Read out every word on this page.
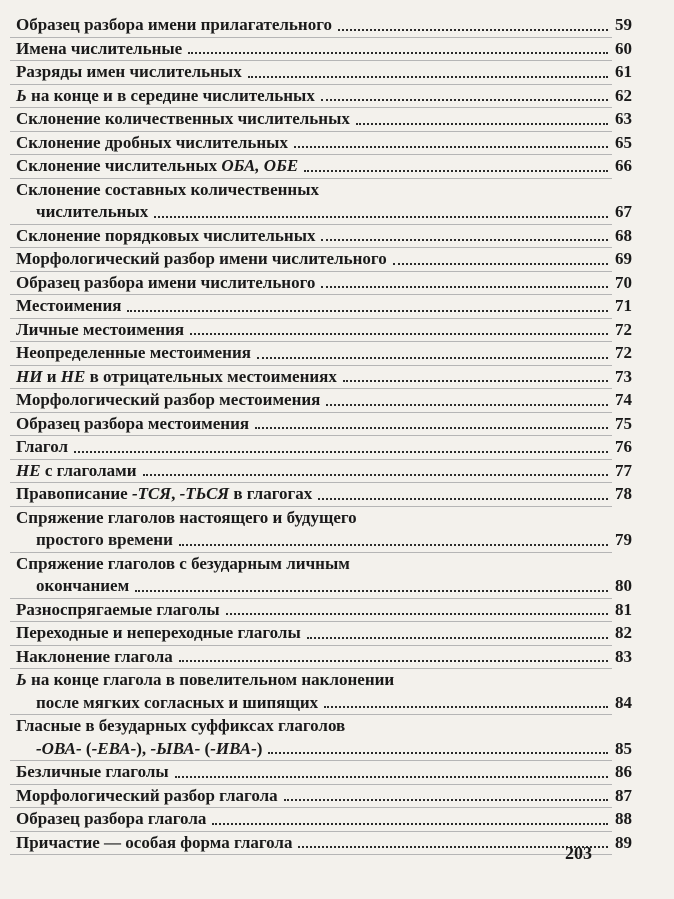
Образец разбора имени прилагательного	59
Имена числительные	60
Разряды имен числительных	61
Ь на конце и в середине числительных	62
Склонение количественных числительных	63
Склонение дробных числительных	65
Склонение числительных ОБА, ОБЕ	66
Склонение составных количественных
числительных	67
Склонение порядковых числительных	68
Морфологический разбор имени числительного	69
Образец разбора имени числительного	70
Местоимения	71
Личные местоимения	72
Неопределенные местоимения	72
НИ и НЕ в отрицательных местоимениях	73
Морфологический разбор местоимения	74
Образец разбора местоимения	75
Глагол	76
НЕ с глаголами	77
Правописание -ТСЯ, -ТЬСЯ в глагогах	78
Спряжение глаголов настоящего и будущего
простого времени	79
Спряжение глаголов с безударным личным
окончанием	80
Разноспрягаемые глаголы	81
Переходные и непереходные глаголы	82
Наклонение глагола	83
Ь на конце глагола в повелительном наклонении
после мягких согласных и шипящих	84
Гласные в безударных суффиксах глаголов
-ОВА- (-ЕВА-), -ЫВА- (-ИВА-)	85
Безличные глаголы	86
Морфологический разбор глагола	87
Образец разбора глагола	88
Причастие — особая форма глагола	89
203
